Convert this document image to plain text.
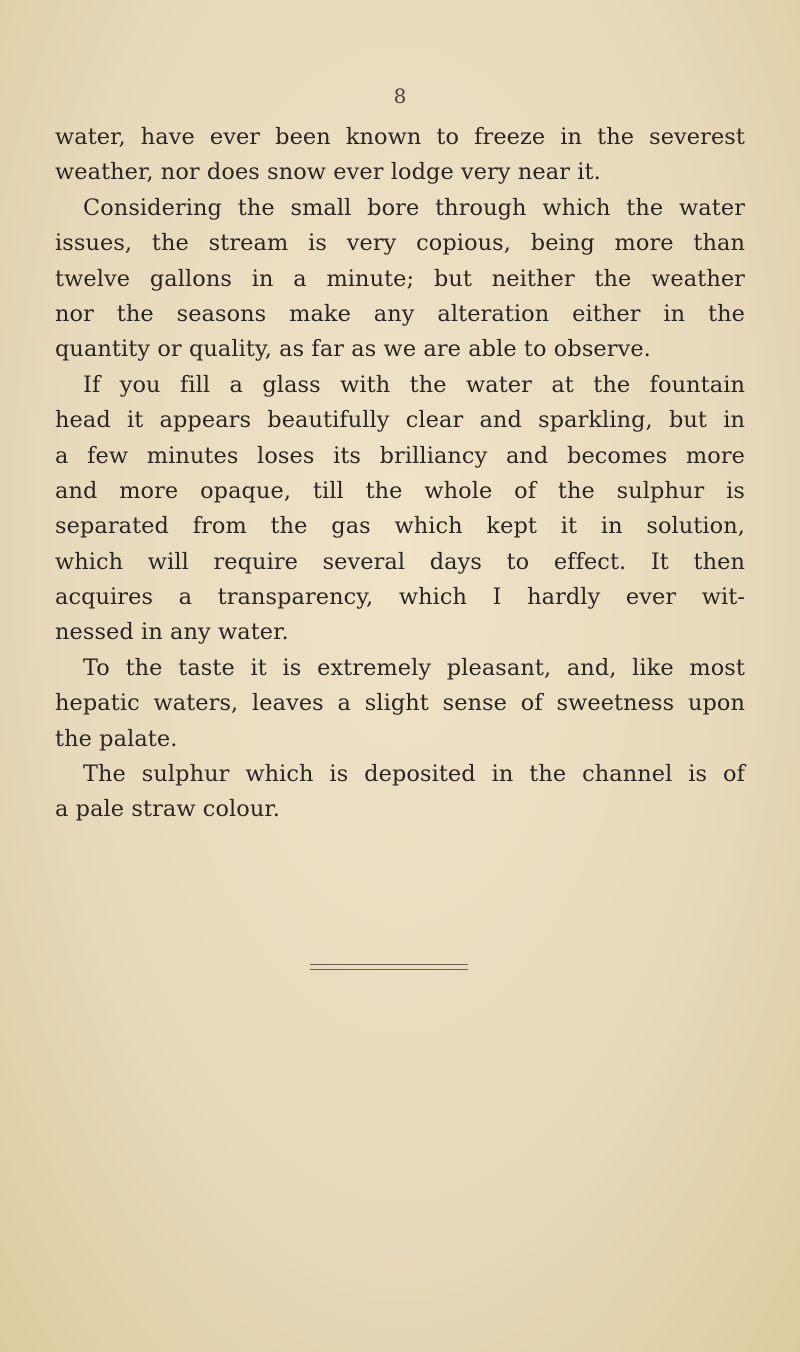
8
water, have ever been known to freeze in the severest
weather, nor does snow ever lodge very near it.
Considering the small bore through which the water
issues, the stream is very copious, being more than
twelve gallons in a minute; but neither the weather
nor the seasons make any alteration either in the
quantity or quality, as far as we are able to observe.
If you fill a glass with the water at the fountain
head it appears beautifully clear and sparkling, but in
a few minutes loses its brilliancy and becomes more
and more opaque, till the whole of the sulphur is
separated from the gas which kept it in solution,
which will require several days to effect. It then
acquires a transparency, which I hardly ever wit-
nessed in any water.
To the taste it is extremely pleasant, and, like most
hepatic waters, leaves a slight sense of sweetness upon
the palate.
The sulphur which is deposited in the channel is of
a pale straw colour.
